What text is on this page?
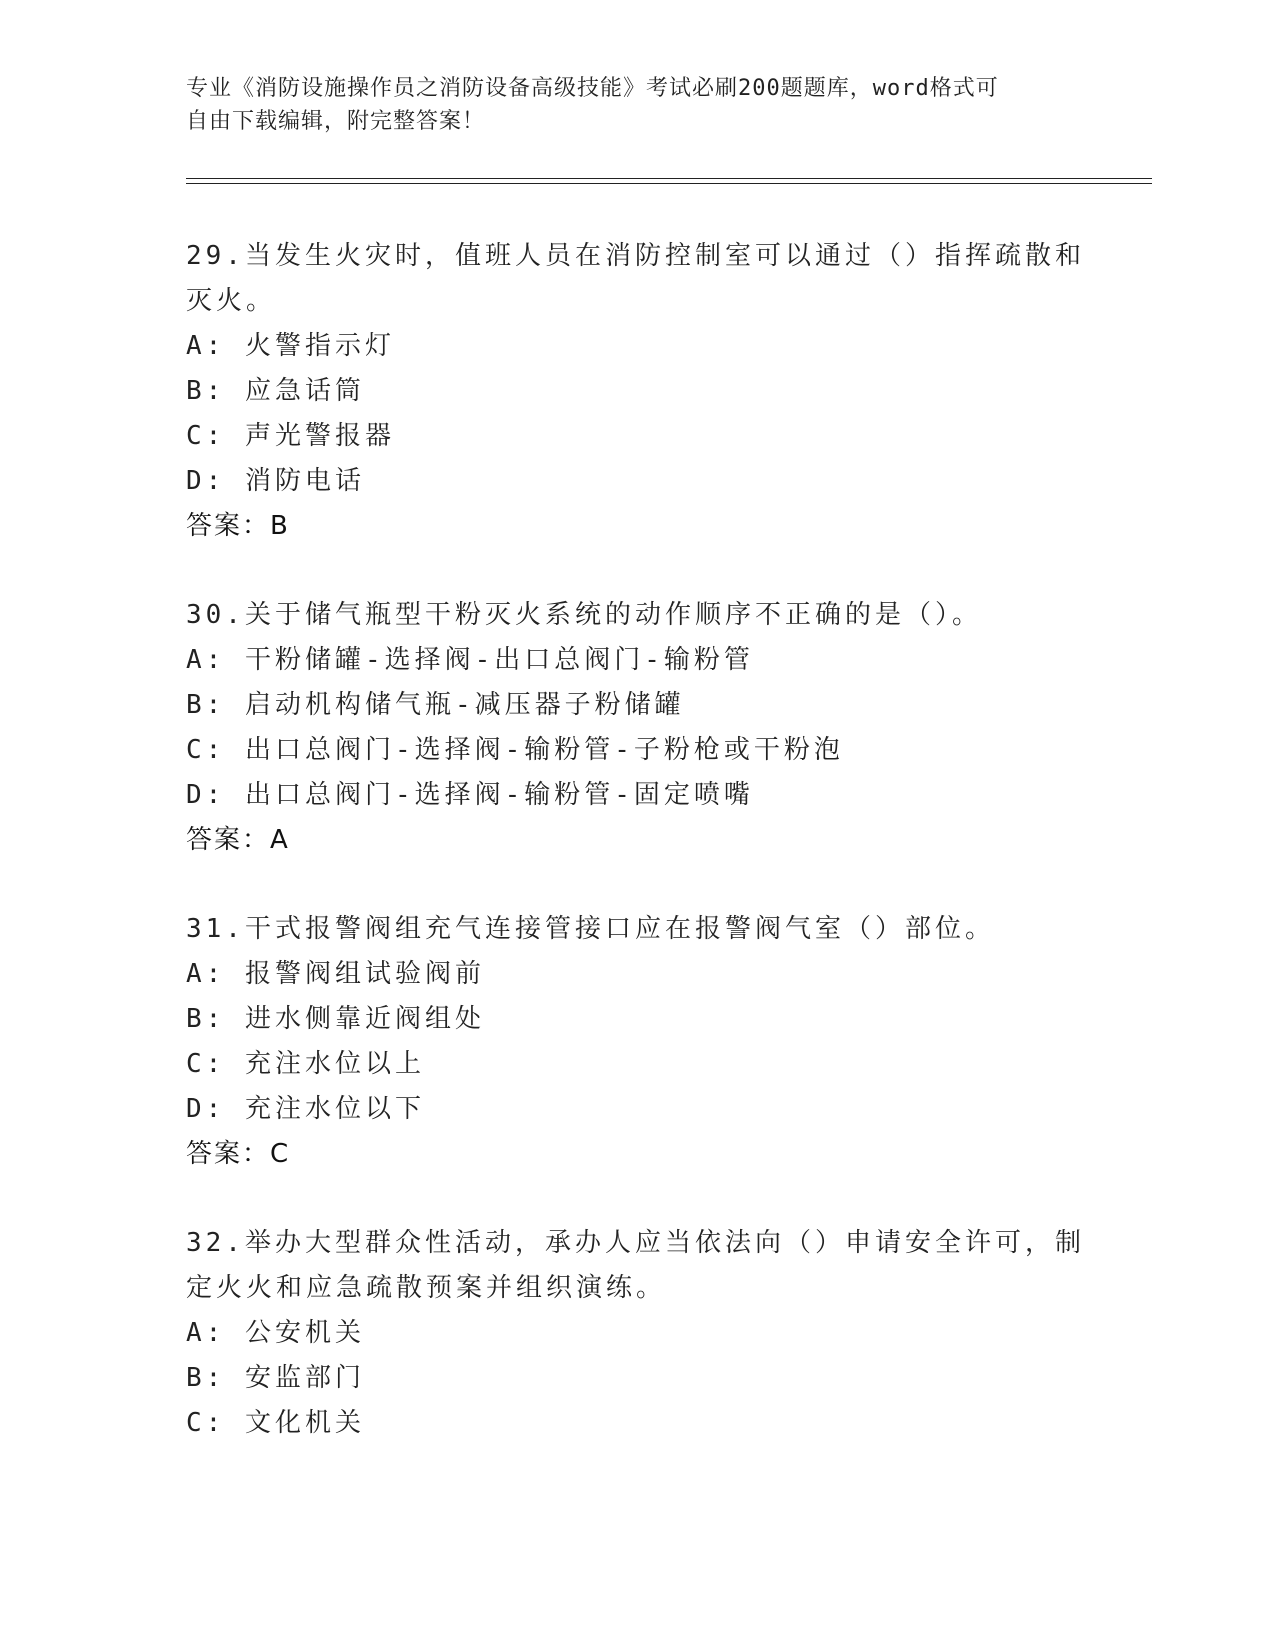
专业《消防设施操作员之消防设备高级技能》考试必刷200题题库，word格式可
自由下载编辑，附完整答案！
29.当发生火灾时，值班人员在消防控制室可以通过（）指挥疏散和灭火。
A: 火警指示灯
B: 应急话筒
C: 声光警报器
D: 消防电话
答案：B
30.关于储气瓶型干粉灭火系统的动作顺序不正确的是（）。
A: 干粉储罐-选择阀-出口总阀门-输粉管
B: 启动机构储气瓶-减压器子粉储罐
C: 出口总阀门-选择阀-输粉管-子粉枪或干粉泡
D: 出口总阀门-选择阀-输粉管-固定喷嘴
答案：A
31.干式报警阀组充气连接管接口应在报警阀气室（）部位。
A: 报警阀组试验阀前
B: 进水侧靠近阀组处
C: 充注水位以上
D: 充注水位以下
答案：C
32.举办大型群众性活动，承办人应当依法向（）申请安全许可，制定火火和应急疏散预案并组织演练。
A: 公安机关
B: 安监部门
C: 文化机关
